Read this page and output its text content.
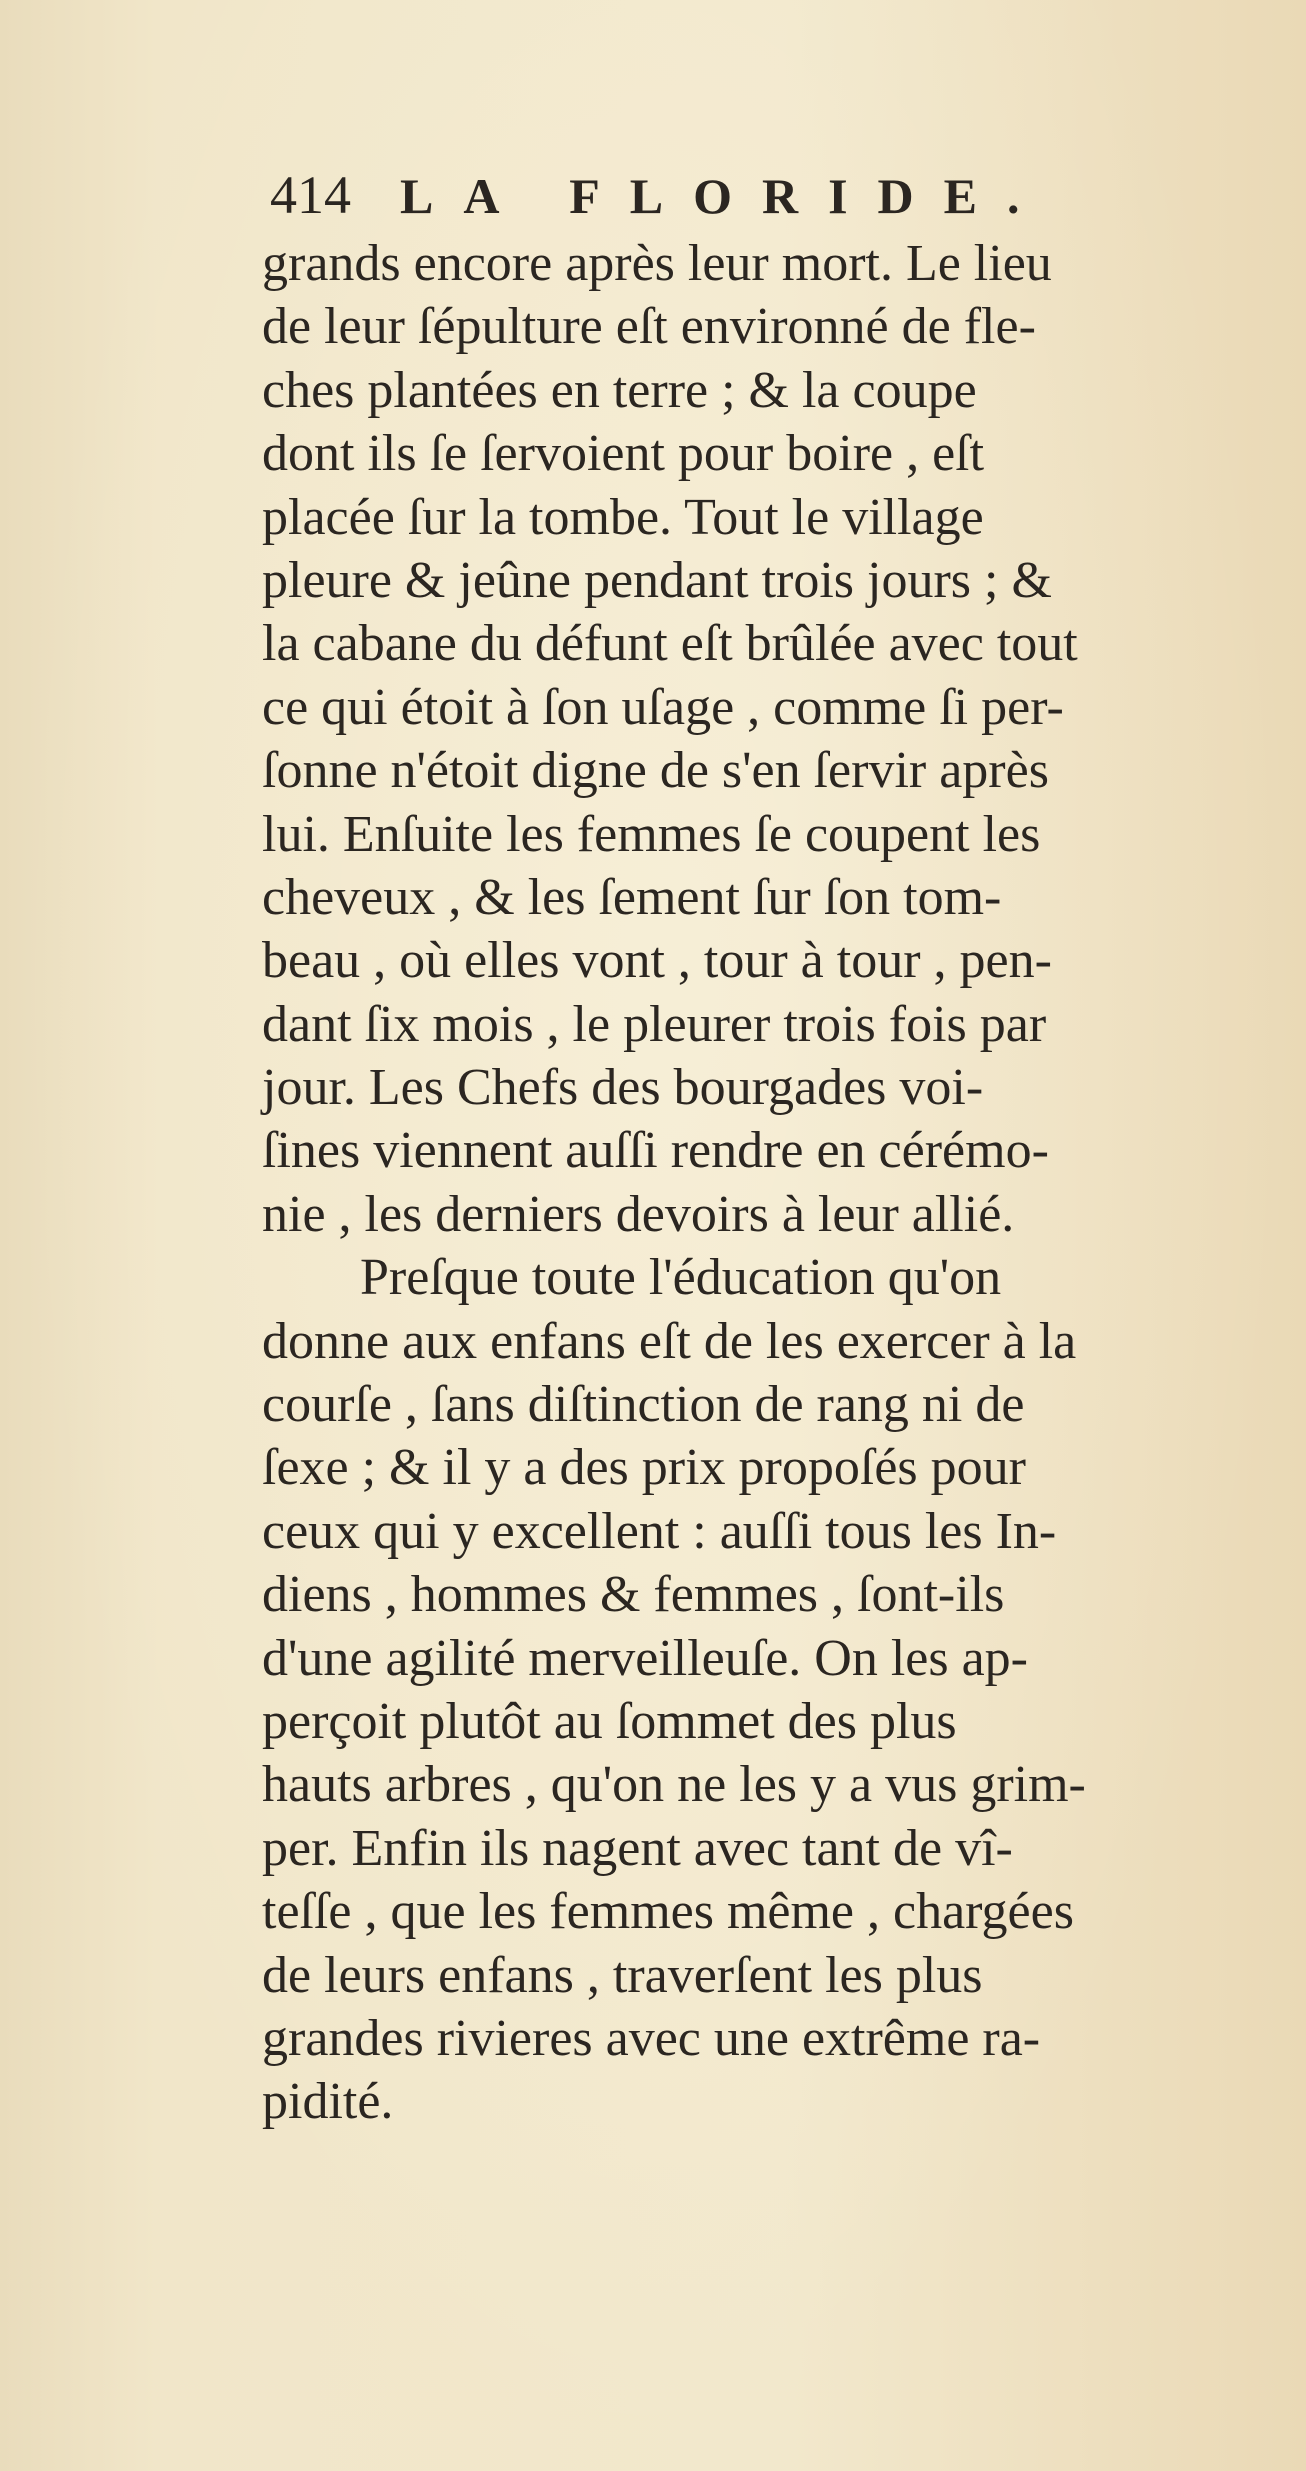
414 LA FLORIDE.
grands encore après leur mort. Le lieu
de leur ſépulture eſt environné de fle-
ches plantées en terre ; & la coupe
dont ils ſe ſervoient pour boire , eſt
placée ſur la tombe. Tout le village
pleure & jeûne pendant trois jours ; &
la cabane du défunt eſt brûlée avec tout
ce qui étoit à ſon uſage , comme ſi per-
ſonne n'étoit digne de s'en ſervir après
lui. Enſuite les femmes ſe coupent les
cheveux , & les ſement ſur ſon tom-
beau , où elles vont , tour à tour , pen-
dant ſix mois , le pleurer trois fois par
jour. Les Chefs des bourgades voi-
ſines viennent auſſi rendre en cérémo-
nie , les derniers devoirs à leur allié.
Preſque toute l'éducation qu'on
donne aux enfans eſt de les exercer à la
courſe , ſans diſtinction de rang ni de
ſexe ; & il y a des prix propoſés pour
ceux qui y excellent : auſſi tous les In-
diens , hommes & femmes , ſont-ils
d'une agilité merveilleuſe. On les ap-
perçoit plutôt au ſommet des plus
hauts arbres , qu'on ne les y a vus grim-
per. Enfin ils nagent avec tant de vî-
teſſe , que les femmes même , chargées
de leurs enfans , traverſent les plus
grandes rivieres avec une extrême ra-
pidité.
